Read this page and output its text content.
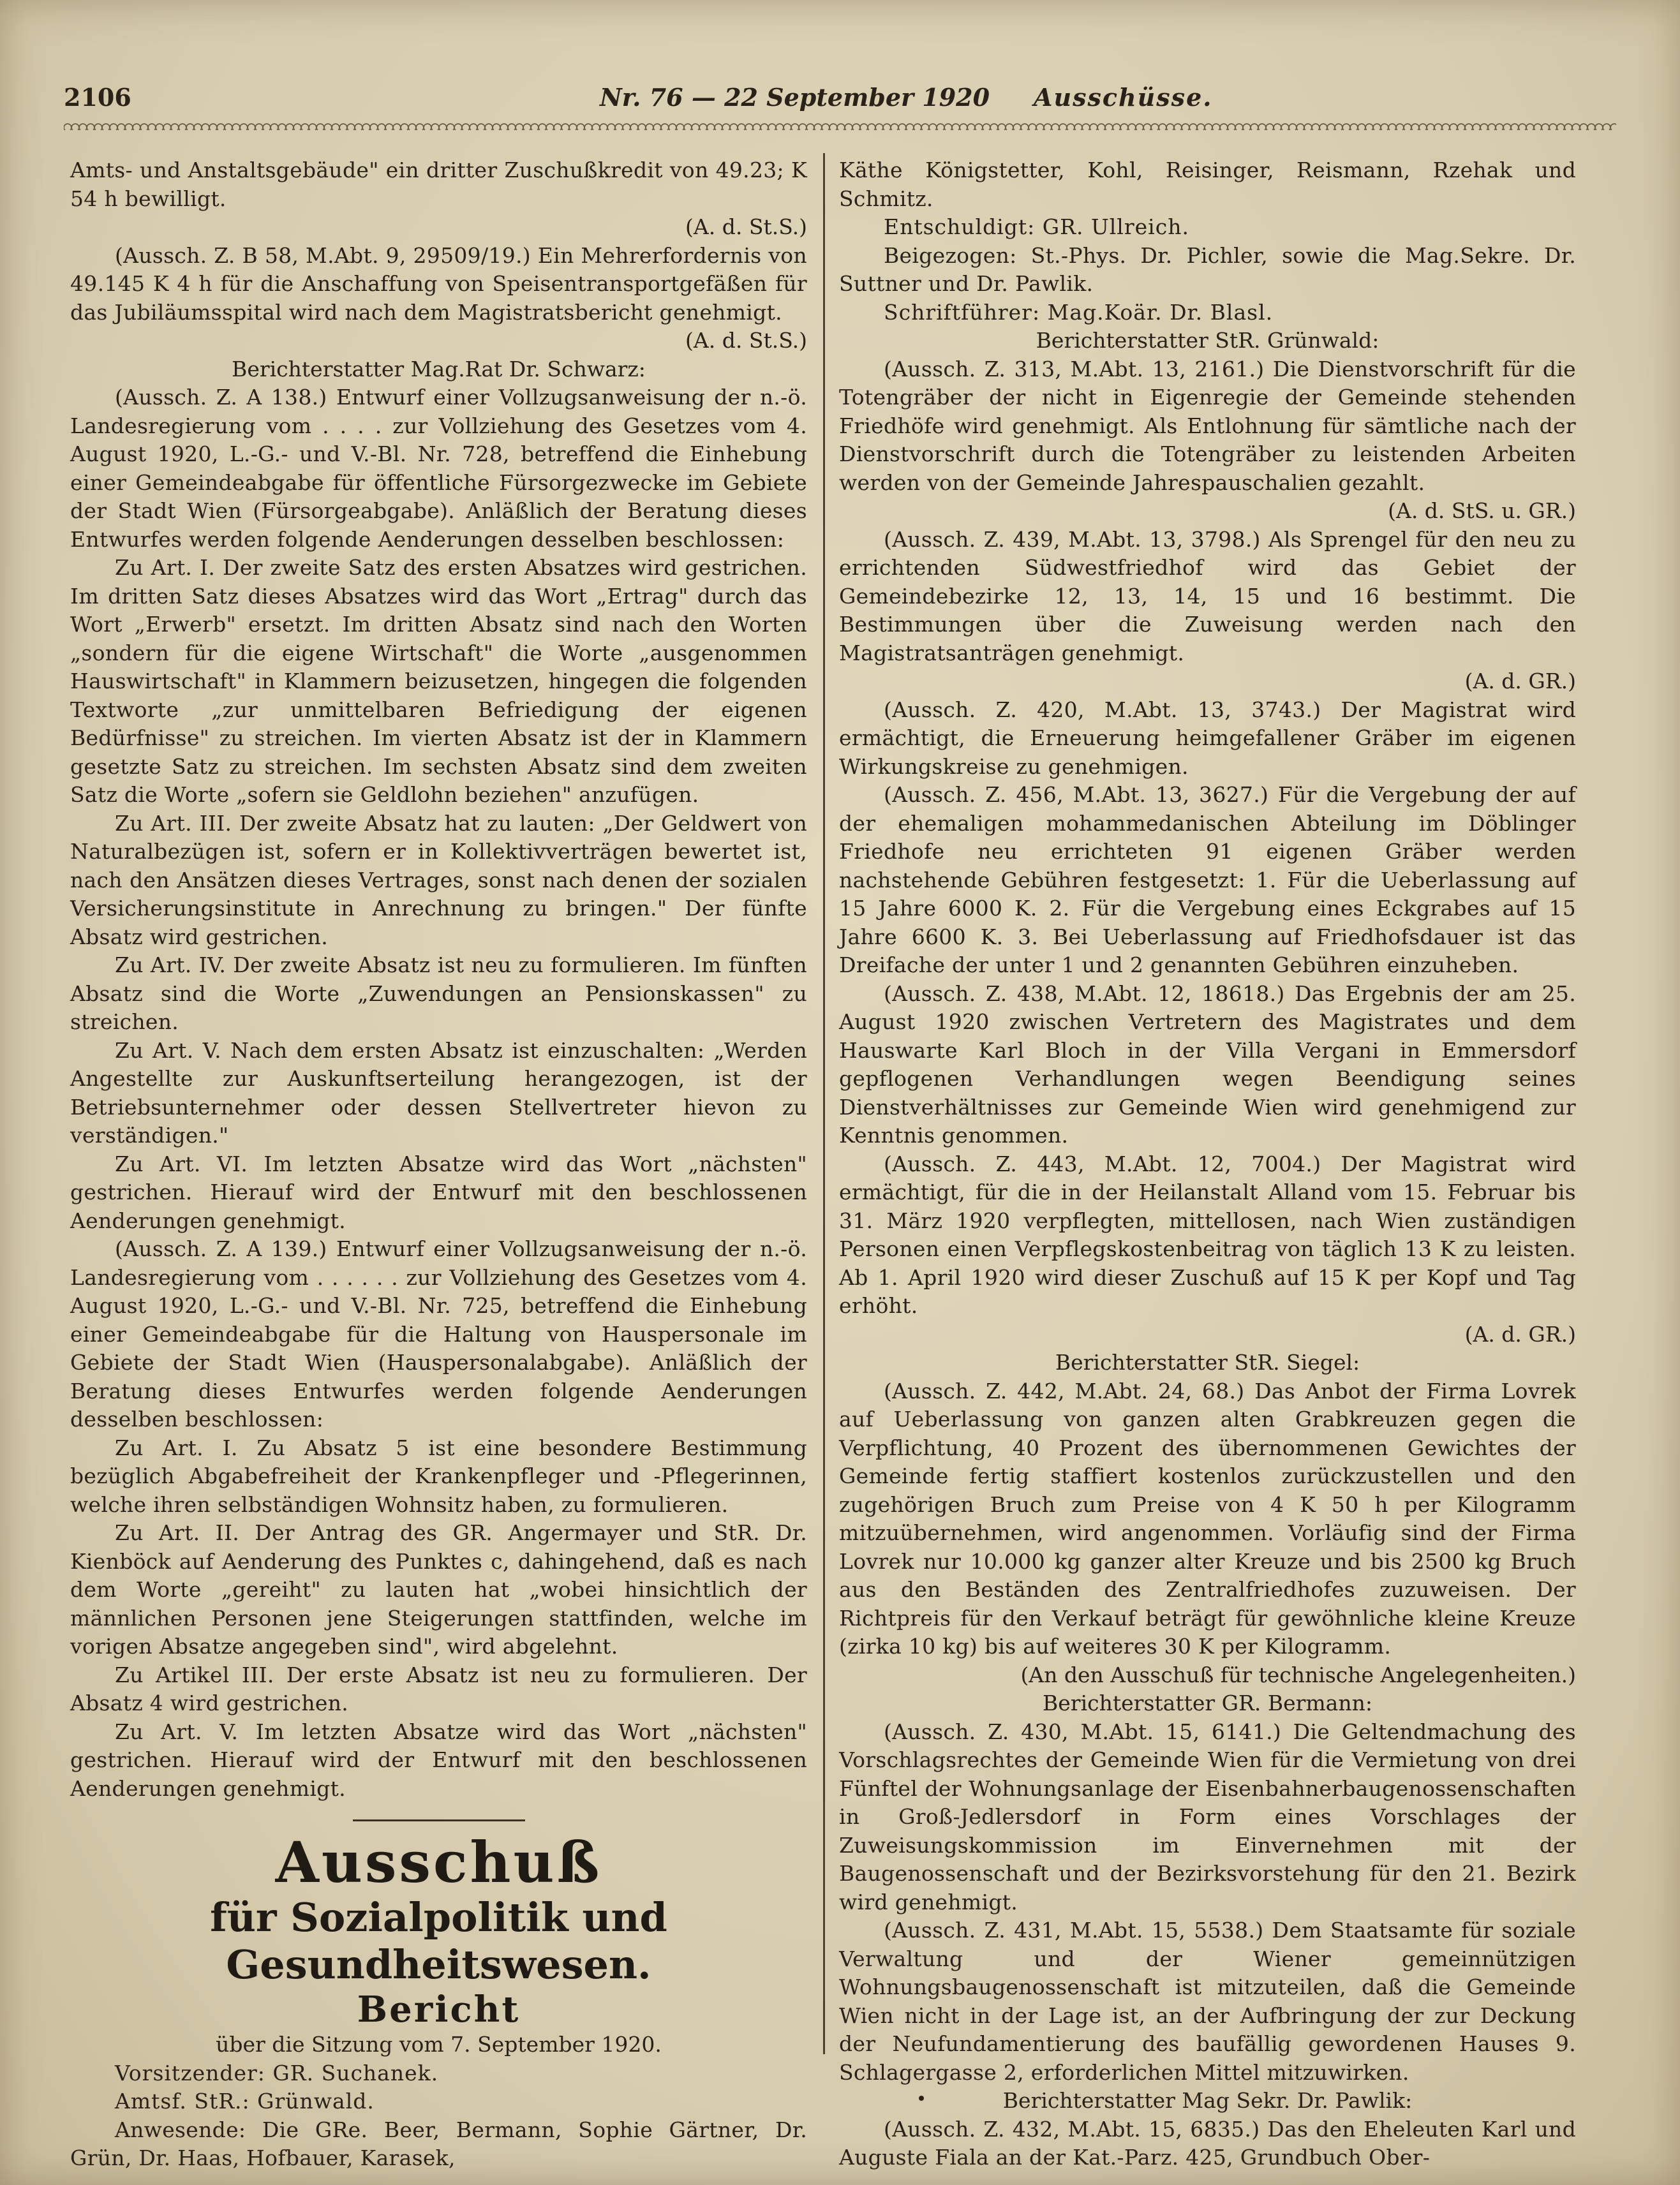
2106	Nr. 76 — 22 September 1920 Ausschüsse.

Amts- und Anstaltsgebäude" ein dritter Zuschußkredit von 49.23; K 54 h bewilligt.

(A. d. St.S.)

(Aussch. Z. B 58, M.Abt. 9, 29509/19.) Ein Mehrerfordernis von 49.145 K 4 h für die Anschaffung von Speisentransportgefäßen für das Jubiläumsspital wird nach dem Magistratsbericht genehmigt.

(A. d. St.S.)

Berichterstatter Mag.Rat Dr. Schwarz:

(Aussch. Z. A 138.) Entwurf einer Vollzugsanweisung der n.-ö. Landesregierung vom . . . . zur Vollziehung des Gesetzes vom 4. August 1920, L.-G.- und V.-Bl. Nr. 728, betreffend die Einhebung einer Gemeindeabgabe für öffentliche Fürsorgezwecke im Gebiete der Stadt Wien (Fürsorgeabgabe). Anläßlich der Beratung dieses Entwurfes werden folgende Aenderungen desselben beschlossen:

Zu Art. I. Der zweite Satz des ersten Absatzes wird gestrichen. Im dritten Satz dieses Absatzes wird das Wort „Ertrag" durch das Wort „Erwerb" ersetzt. Im dritten Absatz sind nach den Worten „sondern für die eigene Wirtschaft" die Worte „ausgenommen Hauswirtschaft" in Klammern beizusetzen, hingegen die folgenden Textworte „zur unmittelbaren Befriedigung der eigenen Bedürfnisse" zu streichen. Im vierten Absatz ist der in Klammern gesetzte Satz zu streichen. Im sechsten Absatz sind dem zweiten Satz die Worte „sofern sie Geldlohn beziehen" anzufügen.

Zu Art. III. Der zweite Absatz hat zu lauten: „Der Geldwert von Naturalbezügen ist, sofern er in Kollektivverträgen bewertet ist, nach den Ansätzen dieses Vertrages, sonst nach denen der sozialen Versicherungsinstitute in Anrechnung zu bringen." Der fünfte Absatz wird gestrichen.

Zu Art. IV. Der zweite Absatz ist neu zu formulieren. Im fünften Absatz sind die Worte „Zuwendungen an Pensionskassen" zu streichen.

Zu Art. V. Nach dem ersten Absatz ist einzuschalten: „Werden Angestellte zur Auskunftserteilung herangezogen, ist der Betriebsunternehmer oder dessen Stellvertreter hievon zu verständigen."

Zu Art. VI. Im letzten Absatze wird das Wort „nächsten" gestrichen. Hierauf wird der Entwurf mit den beschlossenen Aenderungen genehmigt.

(Aussch. Z. A 139.) Entwurf einer Vollzugsanweisung der n.-ö. Landesregierung vom . . . . . . zur Vollziehung des Gesetzes vom 4. August 1920, L.-G.- und V.-Bl. Nr. 725, betreffend die Einhebung einer Gemeindeabgabe für die Haltung von Hauspersonale im Gebiete der Stadt Wien (Hauspersonalabgabe). Anläßlich der Beratung dieses Entwurfes werden folgende Aenderungen desselben beschlossen:

Zu Art. I. Zu Absatz 5 ist eine besondere Bestimmung bezüglich Abgabefreiheit der Krankenpfleger und -Pflegerinnen, welche ihren selbständigen Wohnsitz haben, zu formulieren.

Zu Art. II. Der Antrag des GR. Angermayer und StR. Dr. Kienböck auf Aenderung des Punktes c, dahingehend, daß es nach dem Worte „gereiht" zu lauten hat „wobei hinsichtlich der männlichen Personen jene Steigerungen stattfinden, welche im vorigen Absatze angegeben sind", wird abgelehnt.

Zu Artikel III. Der erste Absatz ist neu zu formulieren. Der Absatz 4 wird gestrichen.

Zu Art. V. Im letzten Absatze wird das Wort „nächsten" gestrichen. Hierauf wird der Entwurf mit den beschlossenen Aenderungen genehmigt.

Ausschuß

für Sozialpolitik und Gesundheitswesen.

Bericht

über die Sitzung vom 7. September 1920.

Vorsitzender: GR. Suchanek.

Amtsf. StR.: Grünwald.

Anwesende: Die GRe. Beer, Bermann, Sophie Gärtner, Dr. Grün, Dr. Haas, Hofbauer, Karasek,

Käthe Königstetter, Kohl, Reisinger, Reismann, Rzehak und Schmitz.

Entschuldigt: GR. Ullreich.

Beigezogen: St.-Phys. Dr. Pichler, sowie die Mag.Sekre. Dr. Suttner und Dr. Pawlik.

Schriftführer: Mag.Koär. Dr. Blasl.

Berichterstatter StR. Grünwald:

(Aussch. Z. 313, M.Abt. 13, 2161.) Die Dienstvorschrift für die Totengräber der nicht in Eigenregie der Gemeinde stehenden Friedhöfe wird genehmigt. Als Entlohnung für sämtliche nach der Dienstvorschrift durch die Totengräber zu leistenden Arbeiten werden von der Gemeinde Jahrespauschalien gezahlt.

(A. d. StS. u. GR.)

(Aussch. Z. 439, M.Abt. 13, 3798.) Als Sprengel für den neu zu errichtenden Südwestfriedhof wird das Gebiet der Gemeindebezirke 12, 13, 14, 15 und 16 bestimmt. Die Bestimmungen über die Zuweisung werden nach den Magistratsanträgen genehmigt.

(A. d. GR.)

(Aussch. Z. 420, M.Abt. 13, 3743.) Der Magistrat wird ermächtigt, die Erneuerung heimgefallener Gräber im eigenen Wirkungskreise zu genehmigen.

(Aussch. Z. 456, M.Abt. 13, 3627.) Für die Vergebung der auf der ehemaligen mohammedanischen Abteilung im Döblinger Friedhofe neu errichteten 91 eigenen Gräber werden nachstehende Gebühren festgesetzt: 1. Für die Ueberlassung auf 15 Jahre 6000 K. 2. Für die Vergebung eines Eckgrabes auf 15 Jahre 6600 K. 3. Bei Ueberlassung auf Friedhofsdauer ist das Dreifache der unter 1 und 2 genannten Gebühren einzuheben.

(Aussch. Z. 438, M.Abt. 12, 18618.) Das Ergebnis der am 25. August 1920 zwischen Vertretern des Magistrates und dem Hauswarte Karl Bloch in der Villa Vergani in Emmersdorf gepflogenen Verhandlungen wegen Beendigung seines Dienstverhältnisses zur Gemeinde Wien wird genehmigend zur Kenntnis genommen.

(Aussch. Z. 443, M.Abt. 12, 7004.) Der Magistrat wird ermächtigt, für die in der Heilanstalt Alland vom 15. Februar bis 31. März 1920 verpflegten, mittellosen, nach Wien zuständigen Personen einen Verpflegskostenbeitrag von täglich 13 K zu leisten. Ab 1. April 1920 wird dieser Zuschuß auf 15 K per Kopf und Tag erhöht.

(A. d. GR.)

Berichterstatter StR. Siegel:

(Aussch. Z. 442, M.Abt. 24, 68.) Das Anbot der Firma Lovrek auf Ueberlassung von ganzen alten Grabkreuzen gegen die Verpflichtung, 40 Prozent des übernommenen Gewichtes der Gemeinde fertig staffiert kostenlos zurückzustellen und den zugehörigen Bruch zum Preise von 4 K 50 h per Kilogramm mitzuübernehmen, wird angenommen. Vorläufig sind der Firma Lovrek nur 10.000 kg ganzer alter Kreuze und bis 2500 kg Bruch aus den Beständen des Zentralfriedhofes zuzuweisen. Der Richtpreis für den Verkauf beträgt für gewöhnliche kleine Kreuze (zirka 10 kg) bis auf weiteres 30 K per Kilogramm.

(An den Ausschuß für technische Angelegenheiten.)

Berichterstatter GR. Bermann:

(Aussch. Z. 430, M.Abt. 15, 6141.) Die Geltendmachung des Vorschlagsrechtes der Gemeinde Wien für die Vermietung von drei Fünftel der Wohnungsanlage der Eisenbahnerbaugenossenschaften in Groß-Jedlersdorf in Form eines Vorschlages der Zuweisungskommission im Einvernehmen mit der Baugenossenschaft und der Bezirksvorstehung für den 21. Bezirk wird genehmigt.

(Aussch. Z. 431, M.Abt. 15, 5538.) Dem Staatsamte für soziale Verwaltung und der Wiener gemeinnützigen Wohnungsbaugenossenschaft ist mitzuteilen, daß die Gemeinde Wien nicht in der Lage ist, an der Aufbringung der zur Deckung der Neufundamentierung des baufällig gewordenen Hauses 9. Schlagergasse 2, erforderlichen Mittel mitzuwirken.

Berichterstatter Mag Sekr. Dr. Pawlik:

(Aussch. Z. 432, M.Abt. 15, 6835.) Das den Eheleuten Karl und Auguste Fiala an der Kat.-Parz. 425, Grundbuch Ober-
